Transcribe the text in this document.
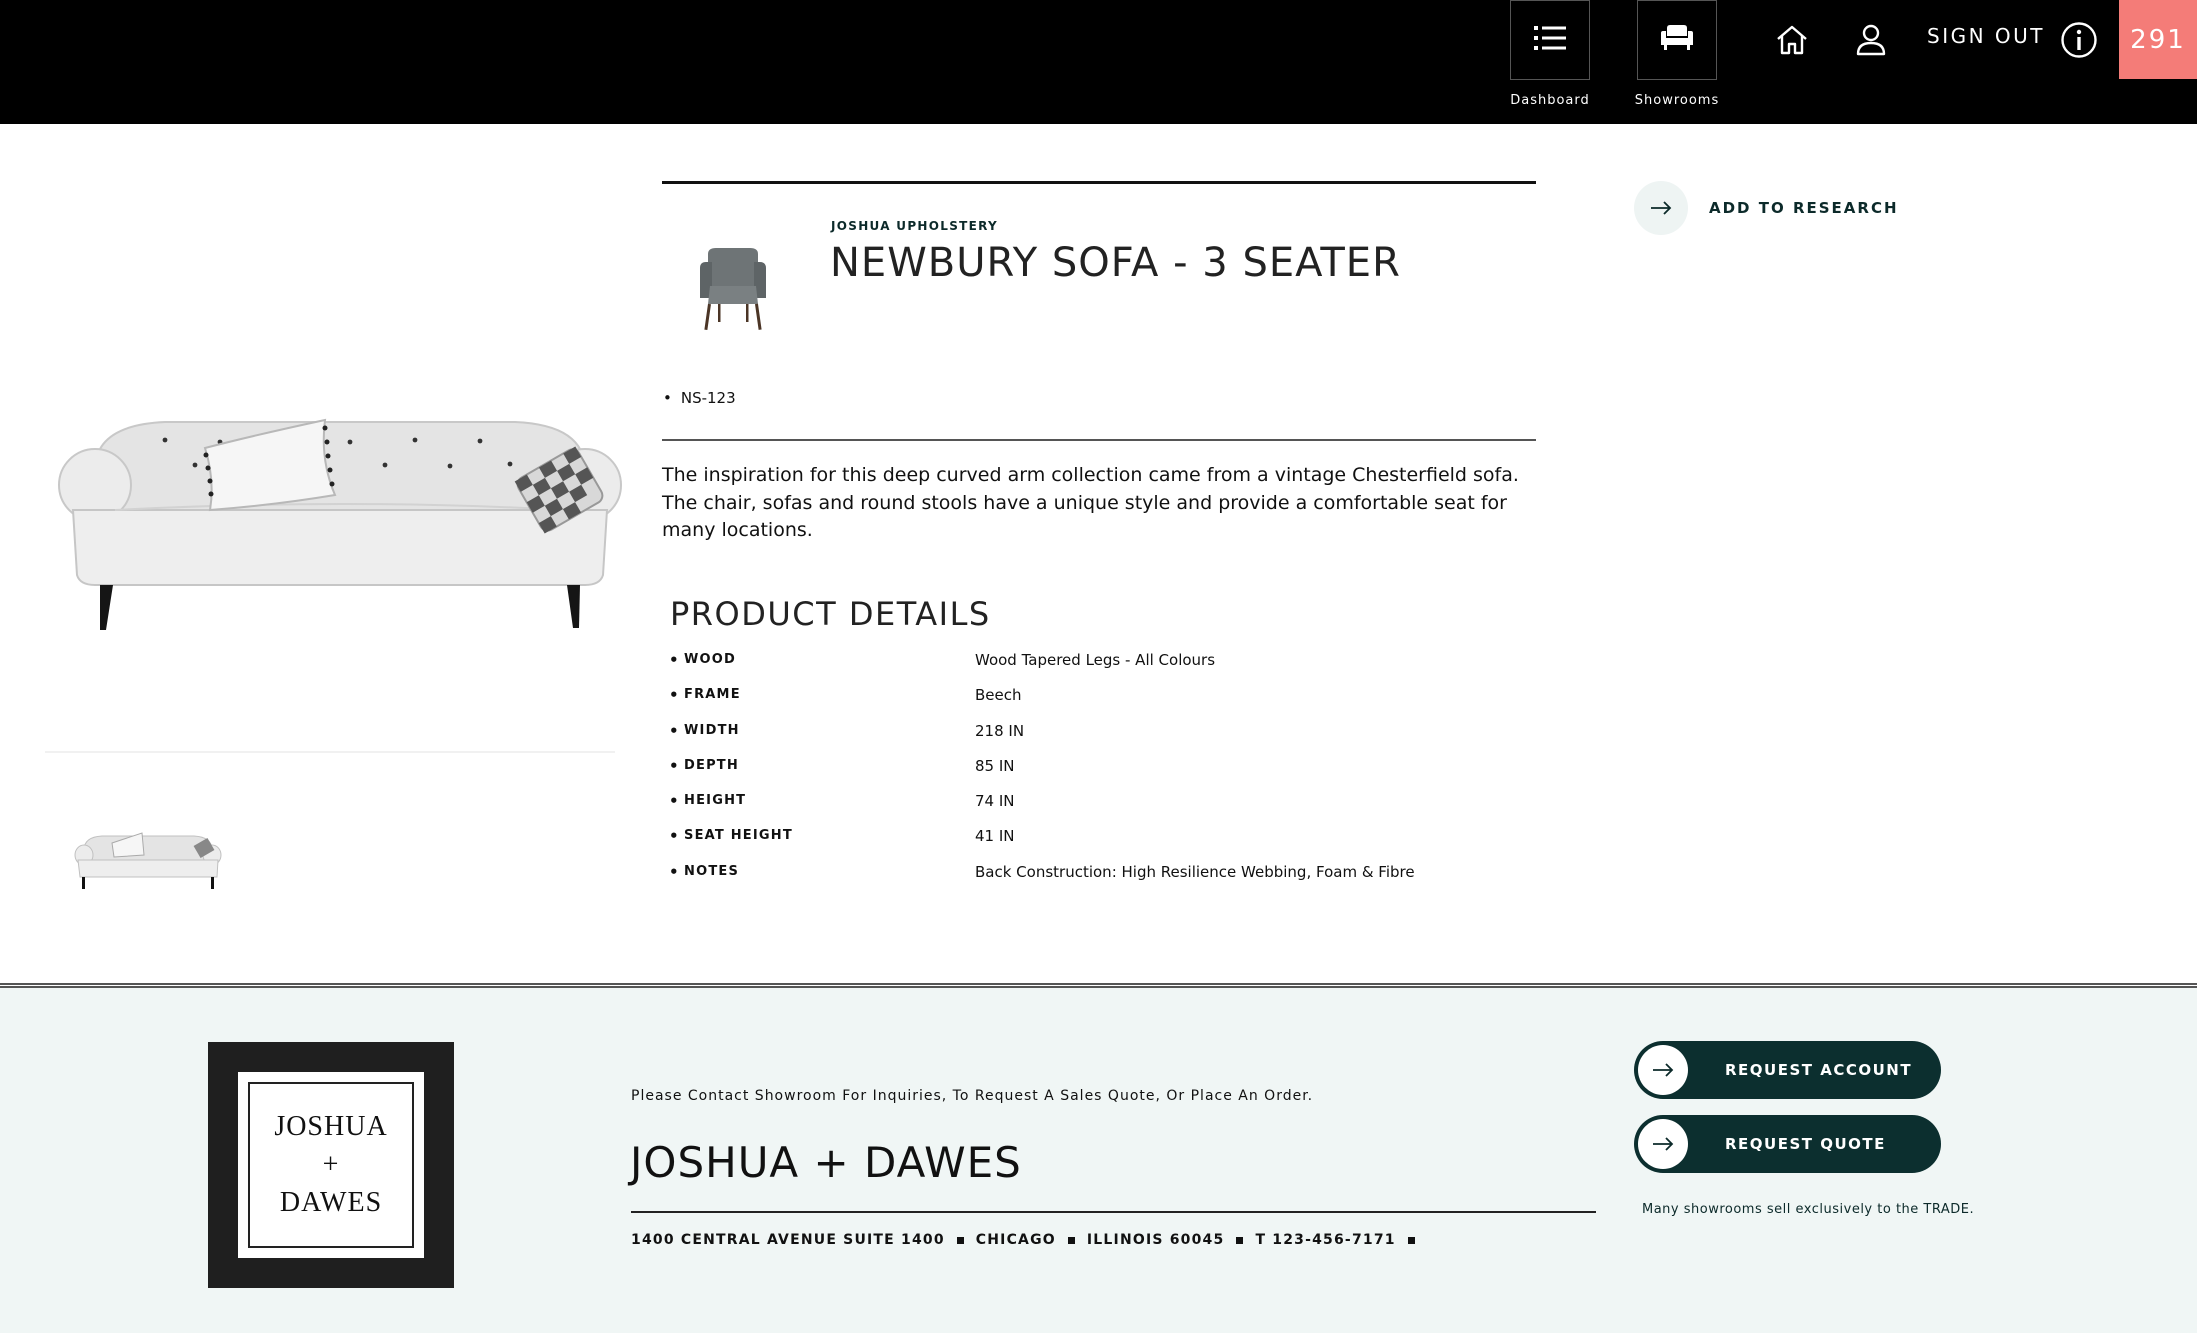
Dashboard	Showrooms
SIGN OUT	291
JOSHUA UPHOLSTERY
NEWBURY SOFA - 3 SEATER
• NS-123

The inspiration for this deep curved arm collection came from a vintage Chesterfield sofa. The chair, sofas and round stools have a unique style and provide a comfortable seat for many locations.

PRODUCT DETAILS
• WOOD	Wood Tapered Legs - All Colours
• FRAME	Beech
• WIDTH	218 IN
• DEPTH	85 IN
• HEIGHT	74 IN
• SEAT HEIGHT	41 IN
• NOTES	Back Construction: High Resilience Webbing, Foam & Fibre
ADD TO RESEARCH
JOSHUA
+
DAWES
Please Contact Showroom For Inquiries, To Request A Sales Quote, Or Place An Order.
JOSHUA + DAWES
1400 CENTRAL AVENUE SUITE 1400 CHICAGO ILLINOIS 60045 T 123-456-7171
REQUEST ACCOUNT
REQUEST QUOTE
Many showrooms sell exclusively to the TRADE.
